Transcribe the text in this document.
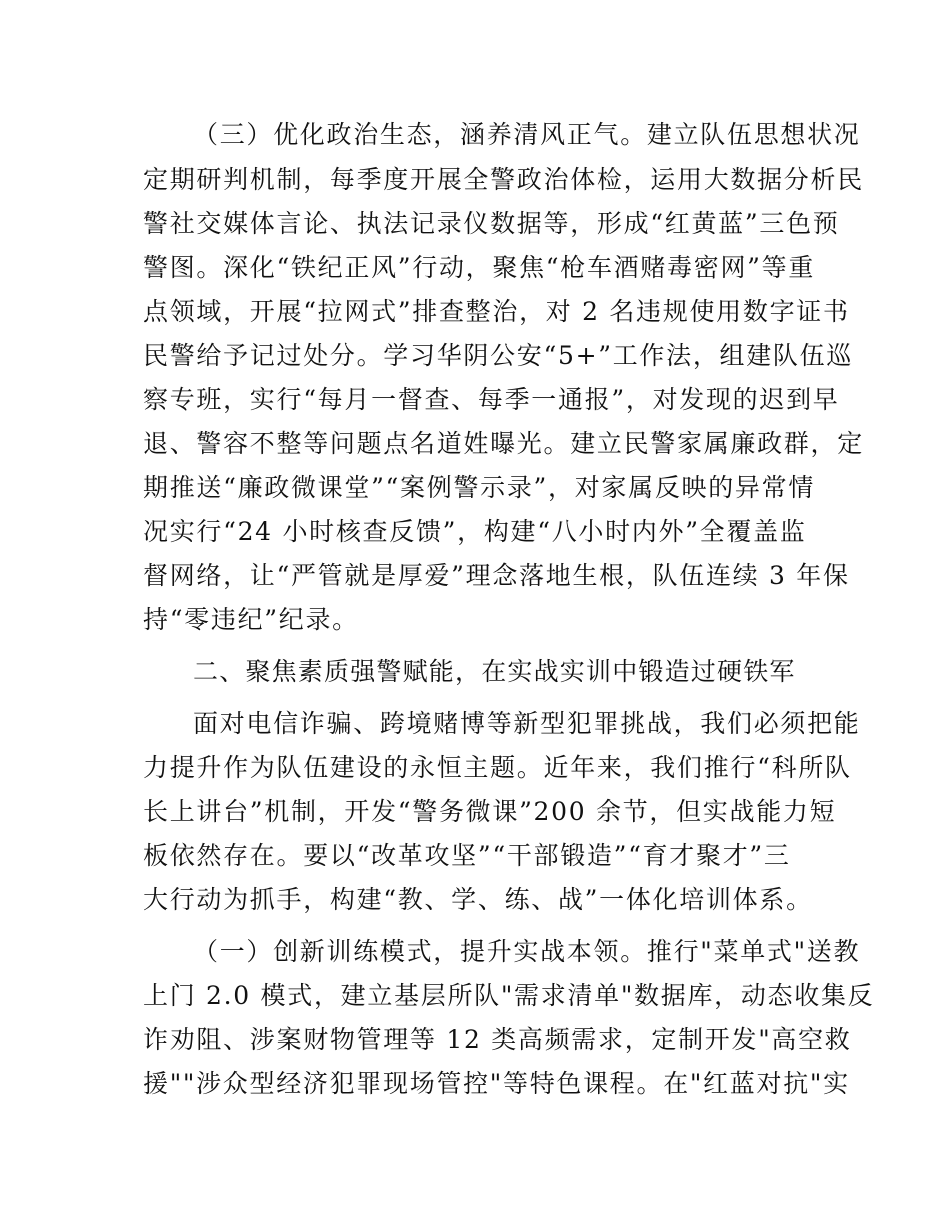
（三）优化政治生态，涵养清风正气。建立队伍思想状况
定期研判机制，每季度开展全警政治体检，运用大数据分析民
警社交媒体言论、执法记录仪数据等，形成“红黄蓝”三色预
警图。深化“铁纪正风”行动，聚焦“枪车酒赌毒密网”等重
点领域，开展“拉网式”排查整治，对 2 名违规使用数字证书
民警给予记过处分。学习华阴公安“5+”工作法，组建队伍巡
察专班，实行“每月一督查、每季一通报”，对发现的迟到早
退、警容不整等问题点名道姓曝光。建立民警家属廉政群，定
期推送“廉政微课堂”“案例警示录”，对家属反映的异常情
况实行“24 小时核查反馈”，构建“八小时内外”全覆盖监
督网络，让“严管就是厚爱”理念落地生根，队伍连续 3 年保
持“零违纪”纪录。
二、聚焦素质强警赋能，在实战实训中锻造过硬铁军
面对电信诈骗、跨境赌博等新型犯罪挑战，我们必须把能
力提升作为队伍建设的永恒主题。近年来，我们推行“科所队
长上讲台”机制，开发“警务微课”200 余节，但实战能力短
板依然存在。要以“改革攻坚”“干部锻造”“育才聚才”三
大行动为抓手，构建“教、学、练、战”一体化培训体系。
（一）创新训练模式，提升实战本领。推行"菜单式"送教
上门 2.0 模式，建立基层所队"需求清单"数据库，动态收集反
诈劝阻、涉案财物管理等 12 类高频需求，定制开发"高空救
援""涉众型经济犯罪现场管控"等特色课程。在"红蓝对抗"实
